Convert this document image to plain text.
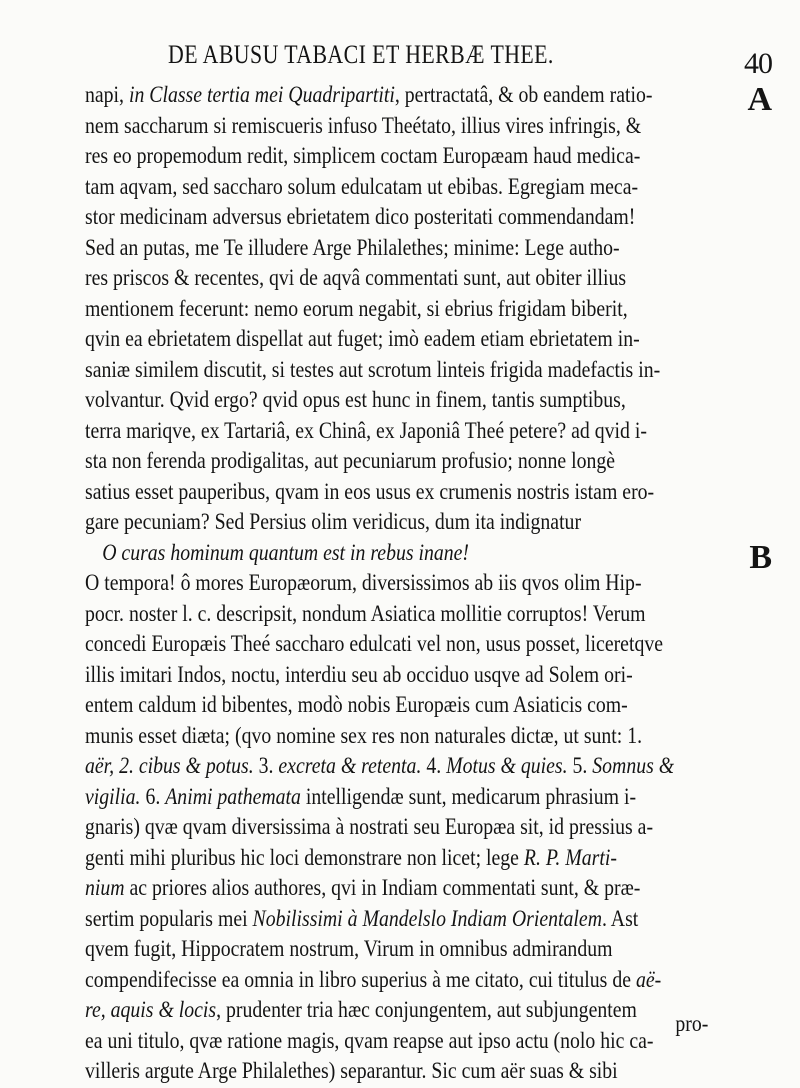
DE ABUSU TABACI ET HERBÆ THEE.	40
A
B
napi, in Classe tertia mei Quadripartiti, pertractatâ, & ob eandem ratio-
nem saccharum si remiscueris infuso Theétato, illius vires infringis, &
res eo propemodum redit, simplicem coctam Europæam haud medica-
tam aqvam, sed saccharo solum edulcatam ut ebibas. Egregiam meca-
stor medicinam adversus ebrietatem dico posteritati commendandam!
Sed an putas, me Te illudere Arge Philalethes; minime: Lege autho-
res priscos & recentes, qvi de aqvâ commentati sunt, aut obiter illius
mentionem fecerunt: nemo eorum negabit, si ebrius frigidam biberit,
qvin ea ebrietatem dispellat aut fuget; imò eadem etiam ebrietatem in-
saniæ similem discutit, si testes aut scrotum linteis frigida madefactis in-
volvantur. Qvid ergo? qvid opus est hunc in finem, tantis sumptibus,
terra mariqve, ex Tartariâ, ex Chinâ, ex Japoniâ Theé petere? ad qvid i-
sta non ferenda prodigalitas, aut pecuniarum profusio; nonne longè
satius esset pauperibus, qvam in eos usus ex crumenis nostris istam ero-
gare pecuniam? Sed Persius olim veridicus, dum ita indignatur
O curas hominum quantum est in rebus inane!
O tempora! ô mores Europæorum, diversissimos ab iis qvos olim Hip-
pocr. noster l. c. descripsit, nondum Asiatica mollitie corruptos! Verum
concedi Europæis Theé saccharo edulcati vel non, usus posset, liceretqve
illis imitari Indos, noctu, interdiu seu ab occiduo usqve ad Solem ori-
entem caldum id bibentes, modò nobis Europæis cum Asiaticis com-
munis esset diæta; (qvo nomine sex res non naturales dictæ, ut sunt: 1.
aër, 2. cibus & potus. 3. excreta & retenta. 4. Motus & quies. 5. Somnus &
vigilia. 6. Animi pathemata intelligendæ sunt, medicarum phrasium i-
gnaris) qvæ qvam diversissima à nostrati seu Europæa sit, id pressius a-
genti mihi pluribus hic loci demonstrare non licet; lege R. P. Marti-
nium ac priores alios authores, qvi in Indiam commentati sunt, & præ-
sertim popularis mei Nobilissimi à Mandelslo Indiam Orientalem. Ast
qvem fugit, Hippocratem nostrum, Virum in omnibus admirandum
compendifecisse ea omnia in libro superius à me citato, cui titulus de aë-
re, aquis & locis, prudenter tria hæc conjungentem, aut subjungentem
ea uni titulo, qvæ ratione magis, qvam reapse aut ipso actu (nolo hic ca-
villeris argute Arge Philalethes) separantur. Sic cum aër suas & sibi
pro-
